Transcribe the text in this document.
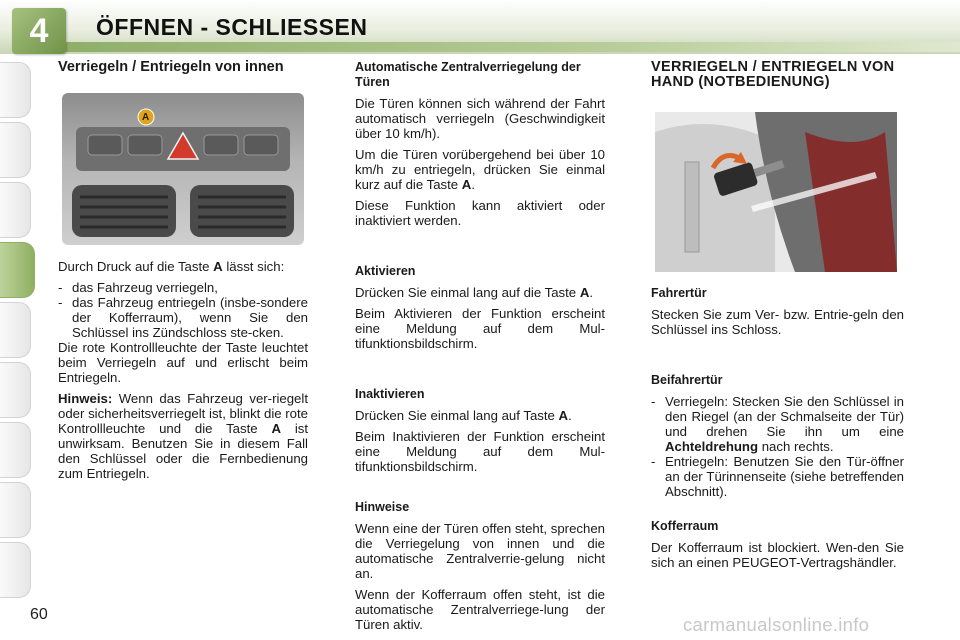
4	ÖFFNEN - SCHLIESSEN
Verriegeln / Entriegeln von innen
A

Durch Druck auf die Taste A lässt sich:

- das Fahrzeug verriegeln,
- das Fahrzeug entriegeln (insbe-sondere der Kofferraum), wenn Sie den Schlüssel ins Zündschloss ste-cken.

Die rote Kontrollleuchte der Taste leuchtet beim Verriegeln auf und erlischt beim Entriegeln.

Hinweis: Wenn das Fahrzeug ver-riegelt oder sicherheitsverriegelt ist, blinkt die rote Kontrollleuchte und die Taste A ist unwirksam. Benutzen Sie in diesem Fall den Schlüssel oder die Fernbedienung zum Entriegeln.

Automatische Zentralverriegelung der Türen

Die Türen können sich während der Fahrt automatisch verriegeln (Geschwindigkeit über 10 km/h).

Um die Türen vorübergehend bei über 10 km/h zu entriegeln, drücken Sie einmal kurz auf die Taste A.

Diese Funktion kann aktiviert oder inaktiviert werden.

Aktivieren

Drücken Sie einmal lang auf die Taste A.

Beim Aktivieren der Funktion erscheint eine Meldung auf dem Mul-tifunktionsbildschirm.

Inaktivieren

Drücken Sie einmal lang auf Taste A.

Beim Inaktivieren der Funktion erscheint eine Meldung auf dem Mul-tifunktionsbildschirm.

Hinweise

Wenn eine der Türen offen steht, sprechen die Verriegelung von innen und die automatische Zentralverrie-gelung nicht an.

Wenn der Kofferraum offen steht, ist die automatische Zentralverriege-lung der Türen aktiv.

VERRIEGELN / ENTRIEGELN VON HAND (NOTBEDIENUNG)
Fahrertür

Stecken Sie zum Ver- bzw. Entrie-geln den Schlüssel ins Schloss.

Beifahrertür
- Verriegeln: Stecken Sie den Schlüssel in den Riegel (an der Schmalseite der Tür) und drehen Sie ihn um eine Achteldrehung nach rechts.
- Entriegeln: Benutzen Sie den Tür-öffner an der Türinnenseite (siehe betreffenden Abschnitt).
Kofferraum

Der Kofferraum ist blockiert. Wen-den Sie sich an einen PEUGEOT-Vertragshändler.

60	carmanualsonline.info
